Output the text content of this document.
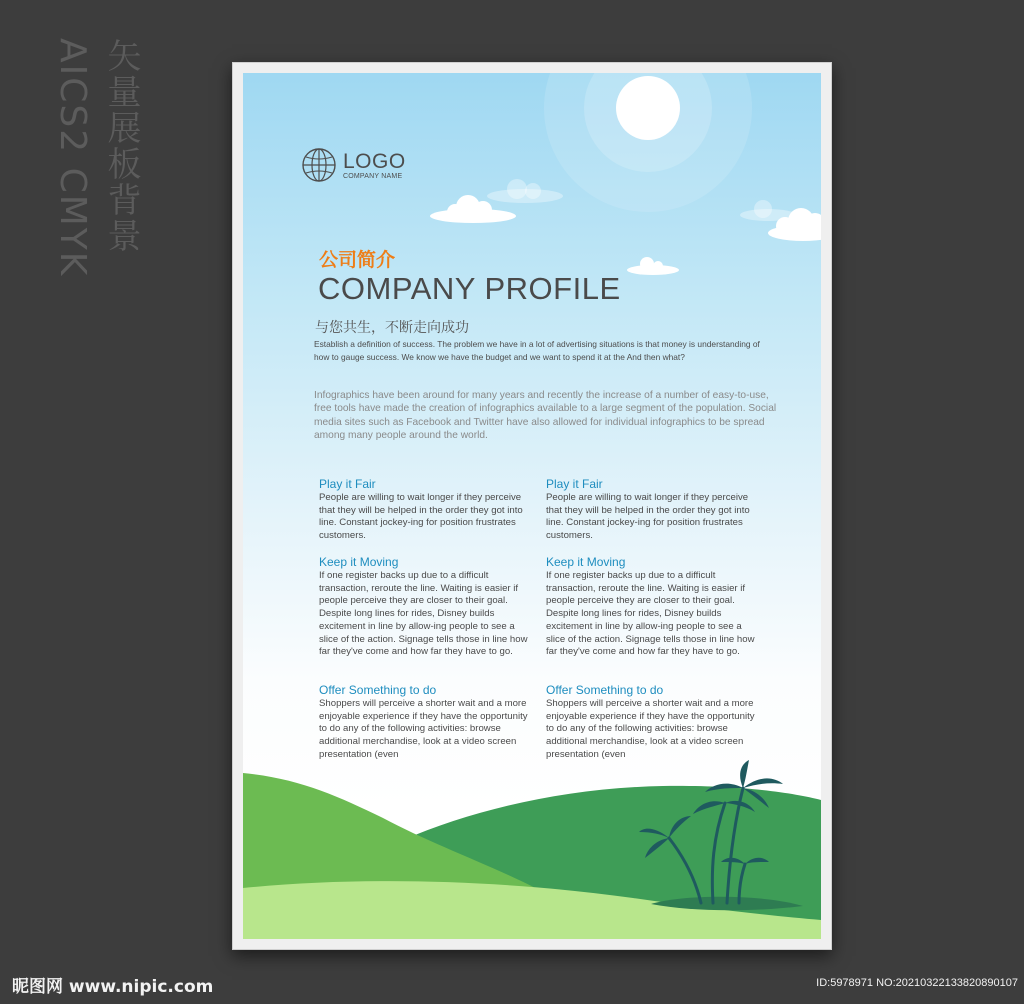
AICS2 CMYK 矢量展板背景	LOGO
COMPANY NAME
公司简介
COMPANY PROFILE
与您共生，不断走向成功
Establish a definition of success. The problem we have in a lot of advertising situations is that money is understanding of how to gauge success. We know we have the budget and we want to spend it at the And then what?
Infographics have been around for many years and recently the increase of a number of easy-to-use, free tools have made the creation of infographics available to a large segment of the population. Social media sites such as Facebook and Twitter have also allowed for individual infographics to be spread among many people around the world.
Play it Fair
People are willing to wait longer if they perceive that they will be helped in the order they got into line. Constant jockey-ing for position frustrates customers.
Keep it Moving
If one register backs up due to a difficult transaction, reroute the line. Waiting is easier if people perceive they are closer to their goal. Despite long lines for rides, Disney builds excitement in line by allow-ing people to see a slice of the action. Signage tells those in line how far they've come and how far they have to go.
Offer Something to do
Shoppers will perceive a shorter wait and a more enjoyable experience if they have the opportunity to do any of the following activities: browse additional merchandise, look at a video screen presentation (even
Play it Fair
People are willing to wait longer if they perceive that they will be helped in the order they got into line. Constant jockey-ing for position frustrates customers.
Keep it Moving
If one register backs up due to a difficult transaction, reroute the line. Waiting is easier if people perceive they are closer to their goal. Despite long lines for rides, Disney builds excitement in line by allow-ing people to see a slice of the action. Signage tells those in line how far they've come and how far they have to go.
Offer Something to do
Shoppers will perceive a shorter wait and a more enjoyable experience if they have the opportunity to do any of the following activities: browse additional merchandise, look at a video screen presentation (even
昵图网 www.nipic.com	ID:5978971 NO:20210322133820890107
